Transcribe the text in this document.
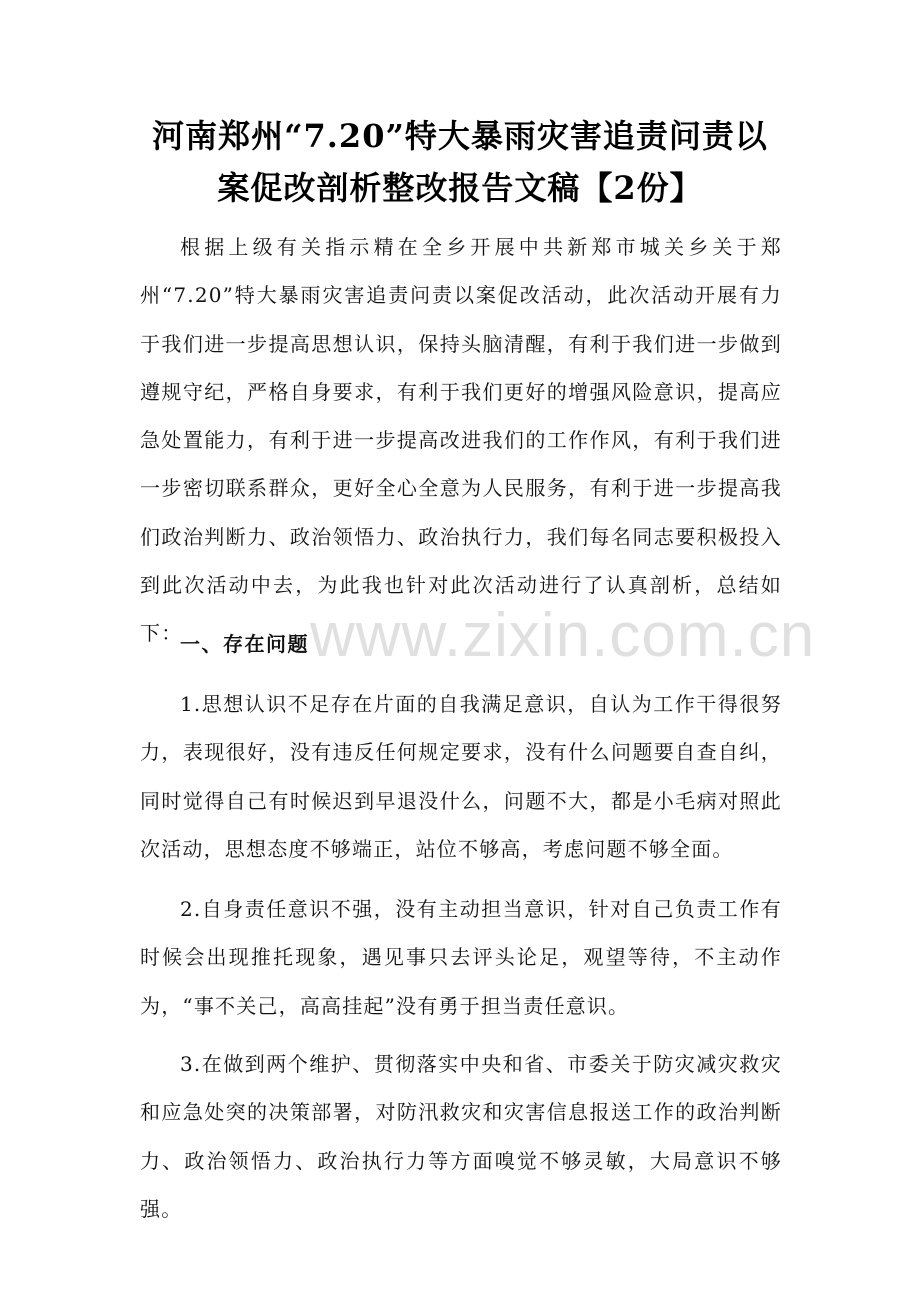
河南郑州“7.20”特大暴雨灾害追责问责以案促改剖析整改报告文稿【2份】

根据上级有关指示精在全乡开展中共新郑市城关乡关于郑州“7.20”特大暴雨灾害追责问责以案促改活动，此次活动开展有力于我们进一步提高思想认识，保持头脑清醒，有利于我们进一步做到遵规守纪，严格自身要求，有利于我们更好的增强风险意识，提高应急处置能力，有利于进一步提高改进我们的工作作风，有利于我们进一步密切联系群众，更好全心全意为人民服务，有利于进一步提高我们政治判断力、政治领悟力、政治执行力，我们每名同志要积极投入到此次活动中去，为此我也针对此次活动进行了认真剖析，总结如下：

一、存在问题

1.思想认识不足存在片面的自我满足意识，自认为工作干得很努力，表现很好，没有违反任何规定要求，没有什么问题要自查自纠，同时觉得自己有时候迟到早退没什么，问题不大，都是小毛病对照此次活动，思想态度不够端正，站位不够高，考虑问题不够全面。

2.自身责任意识不强，没有主动担当意识，针对自己负责工作有时候会出现推托现象，遇见事只去评头论足，观望等待，不主动作为，“事不关己，高高挂起”没有勇于担当责任意识。

3.在做到两个维护、贯彻落实中央和省、市委关于防灾减灾救灾和应急处突的决策部署，对防汛救灾和灾害信息报送工作的政治判断力、政治领悟力、政治执行力等方面嗅觉不够灵敏，大局意识不够强。

www.zixin.com.cn
